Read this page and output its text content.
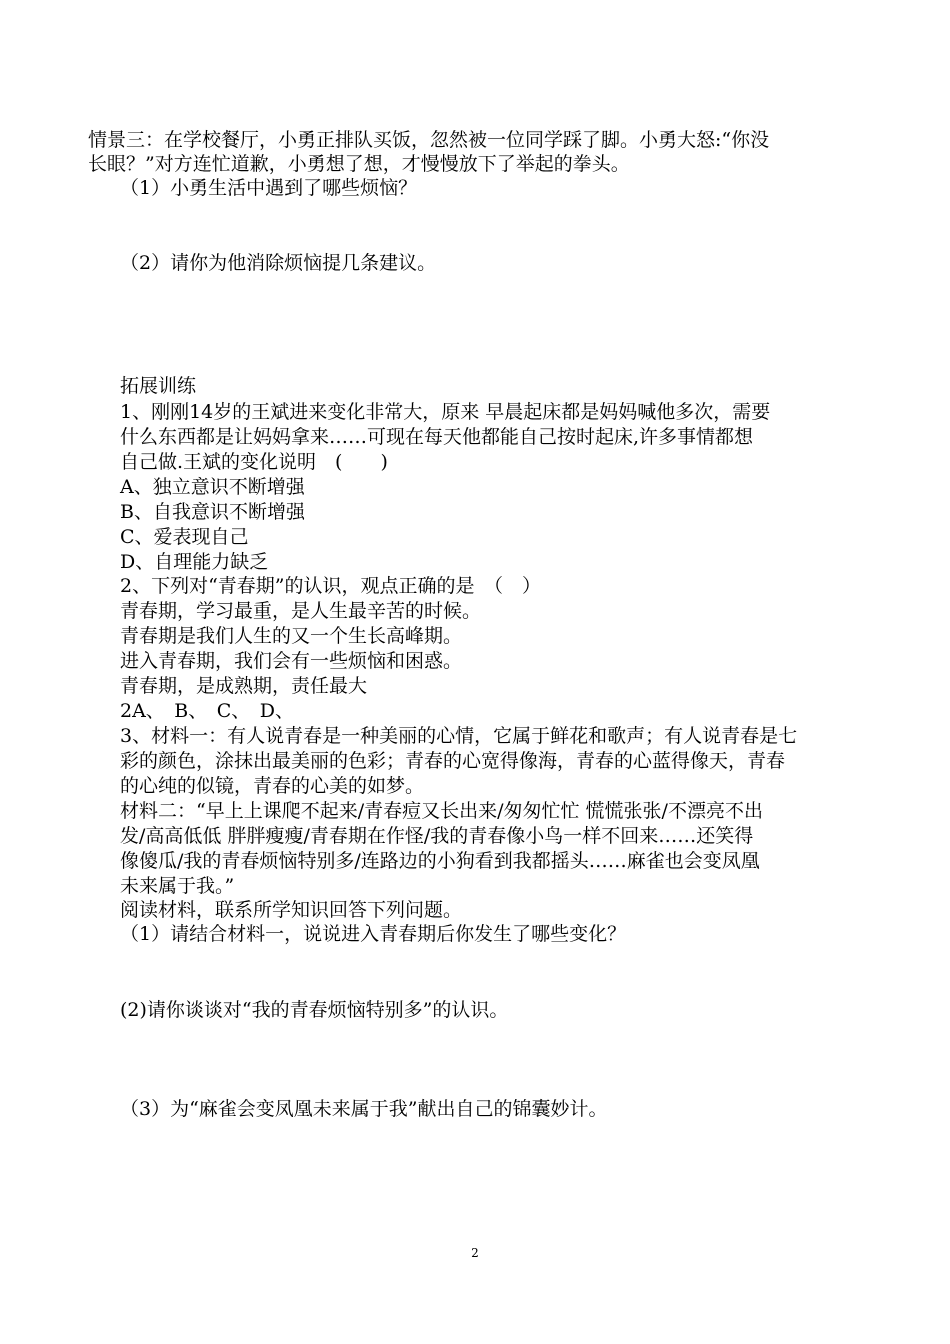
情景三：在学校餐厅，小勇正排队买饭，忽然被一位同学踩了脚。小勇大怒:“你没
长眼？”对方连忙道歉，小勇想了想，才慢慢放下了举起的拳头。
（1）小勇生活中遇到了哪些烦恼？
（2）请你为他消除烦恼提几条建议。
拓展训练
1、刚刚14岁的王斌进来变化非常大，原来 早晨起床都是妈妈喊他多次，需要
什么东西都是让妈妈拿来……可现在每天他都能自己按时起床,许多事情都想
自己做.王斌的变化说明　(　　)
A、独立意识不断增强
B、自我意识不断增强
C、爱表现自己
D、自理能力缺乏
2、下列对“青春期”的认识，观点正确的是　（　）
青春期，学习最重，是人生最辛苦的时候。
青春期是我们人生的又一个生长高峰期。
进入青春期，我们会有一些烦恼和困惑。
青春期，是成熟期，责任最大
2A、　B、　C、　D、
3、材料一：有人说青春是一种美丽的心情，它属于鲜花和歌声；有人说青春是七
彩的颜色，涂抹出最美丽的色彩；青春的心宽得像海，青春的心蓝得像天，青春
的心纯的似镜，青春的心美的如梦。
材料二：“早上上课爬不起来/青春痘又长出来/匆匆忙忙 慌慌张张/不漂亮不出
发/高高低低 胖胖瘦瘦/青春期在作怪/我的青春像小鸟一样不回来……还笑得
像傻瓜/我的青春烦恼特别多/连路边的小狗看到我都摇头……麻雀也会变凤凰
未来属于我。”
阅读材料，联系所学知识回答下列问题。
（1）请结合材料一，说说进入青春期后你发生了哪些变化？
(2)请你谈谈对“我的青春烦恼特别多”的认识。
（3）为“麻雀会变凤凰未来属于我”献出自己的锦囊妙计。
2
